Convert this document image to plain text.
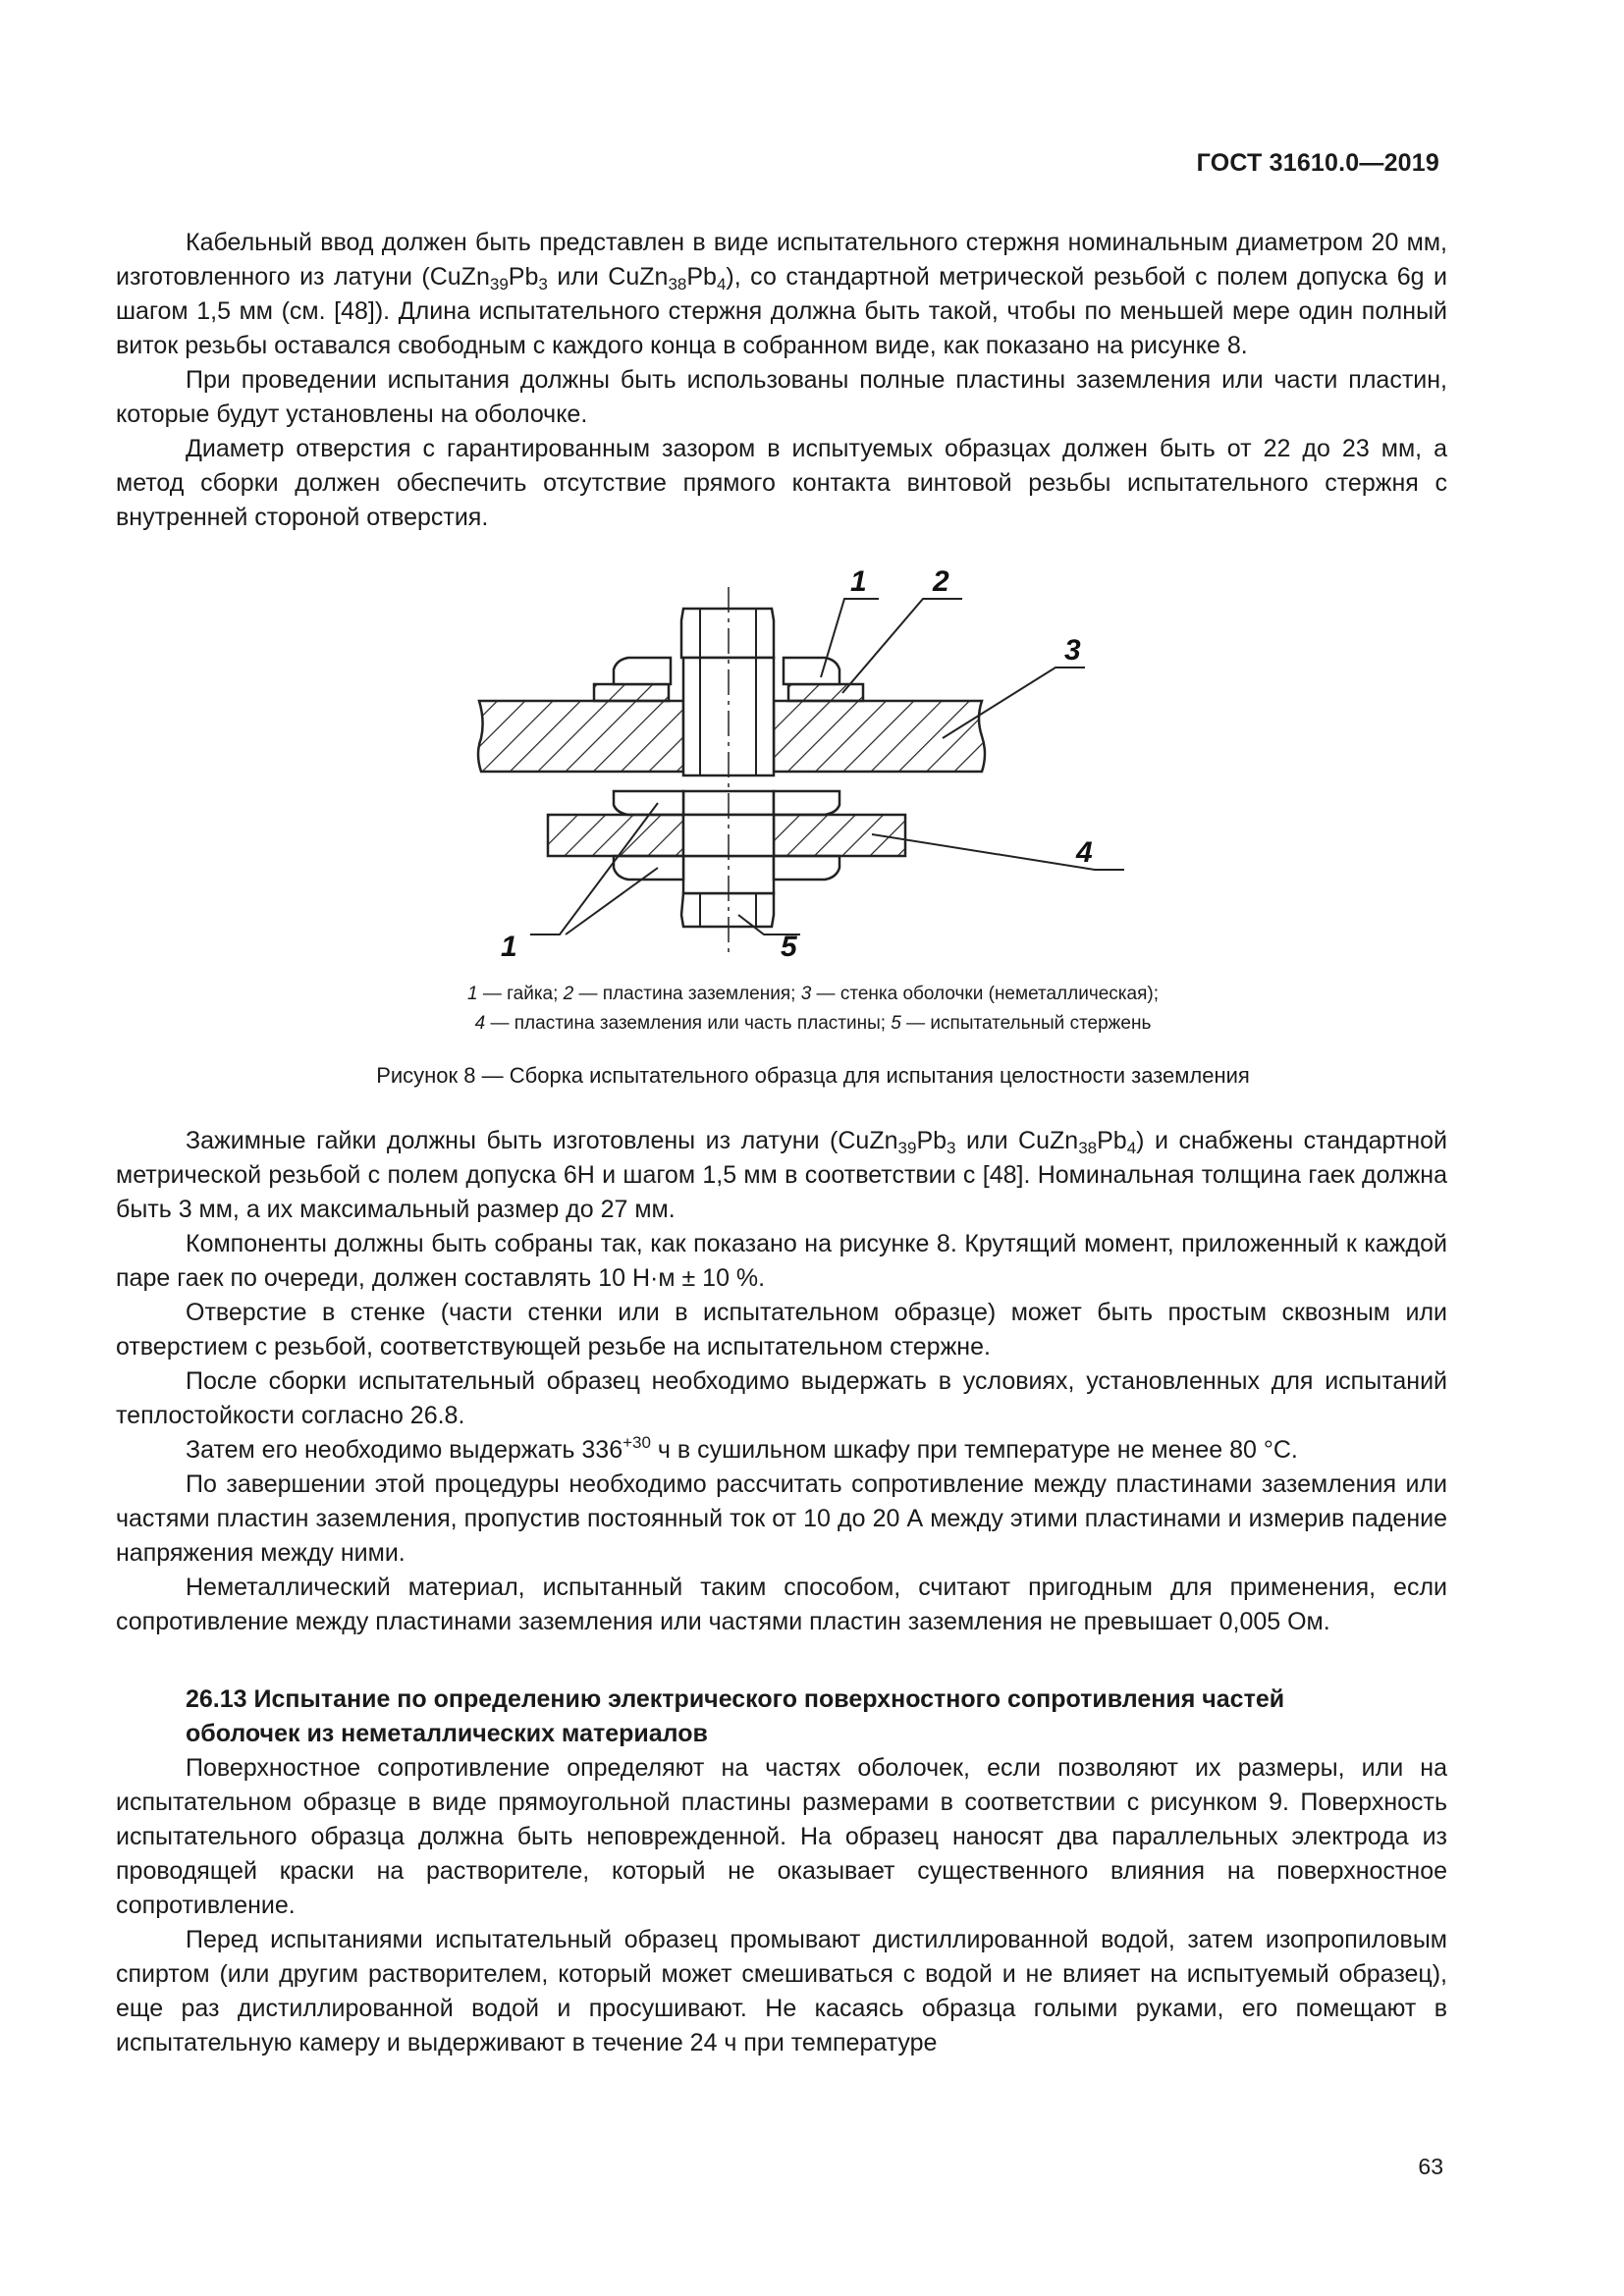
ГОСТ 31610.0—2019

Кабельный ввод должен быть представлен в виде испытательного стержня номинальным диаметром 20 мм, изготовленного из латуни ($CuZn_{39}Pb_3$ или $CuZn_{38}Pb_4$), со стандартной метрической резьбой с полем допуска 6g и шагом 1,5 мм (см. [48]). Длина испытательного стержня должна быть такой, чтобы по меньшей мере один полный виток резьбы оставался свободным с каждого конца в собранном виде, как показано на рисунке 8.

При проведении испытания должны быть использованы полные пластины заземления или части пластин, которые будут установлены на оболочке.

Диаметр отверстия с гарантированным зазором в испытуемых образцах должен быть от 22 до 23 мм, а метод сборки должен обеспечить отсутствие прямого контакта винтовой резьбы испытательного стержня с внутренней стороной отверстия.

1 2
3
4
1	5
1 — гайка; 2 — пластина заземления; 3 — стенка оболочки (неметаллическая);
4 — пластина заземления или часть пластины; 5 — испытательный стержень
Рисунок 8 — Сборка испытательного образца для испытания целостности заземления

Зажимные гайки должны быть изготовлены из латуни ($CuZn_{39}Pb_3$ или $CuZn_{38}Pb_4$) и снабжены стандартной метрической резьбой с полем допуска 6H и шагом 1,5 мм в соответствии с [48]. Номинальная толщина гаек должна быть 3 мм, а их максимальный размер до 27 мм.

Компоненты должны быть собраны так, как показано на рисунке 8. Крутящий момент, приложенный к каждой паре гаек по очереди, должен составлять 10 Н·м ± 10 %.

Отверстие в стенке (части стенки или в испытательном образце) может быть простым сквозным или отверстием с резьбой, соответствующей резьбе на испытательном стержне.

После сборки испытательный образец необходимо выдержать в условиях, установленных для испытаний теплостойкости согласно 26.8.

Затем его необходимо выдержать $336^{+30}$ ч в сушильном шкафу при температуре не менее 80 °С.

По завершении этой процедуры необходимо рассчитать сопротивление между пластинами заземления или частями пластин заземления, пропустив постоянный ток от 10 до 20 А между этими пластинами и измерив падение напряжения между ними.

Неметаллический материал, испытанный таким способом, считают пригодным для применения, если сопротивление между пластинами заземления или частями пластин заземления не превышает 0,005 Ом.

26.13 Испытание по определению электрического поверхностного сопротивления частей
оболочек из неметаллических материалов

Поверхностное сопротивление определяют на частях оболочек, если позволяют их размеры, или на испытательном образце в виде прямоугольной пластины размерами в соответствии с рисунком 9. Поверхность испытательного образца должна быть неповрежденной. На образец наносят два параллельных электрода из проводящей краски на растворителе, который не оказывает существенного влияния на поверхностное сопротивление.

Перед испытаниями испытательный образец промывают дистиллированной водой, затем изопропиловым спиртом (или другим растворителем, который может смешиваться с водой и не влияет на испытуемый образец), еще раз дистиллированной водой и просушивают. Не касаясь образца голыми руками, его помещают в испытательную камеру и выдерживают в течение 24 ч при температуре

63
